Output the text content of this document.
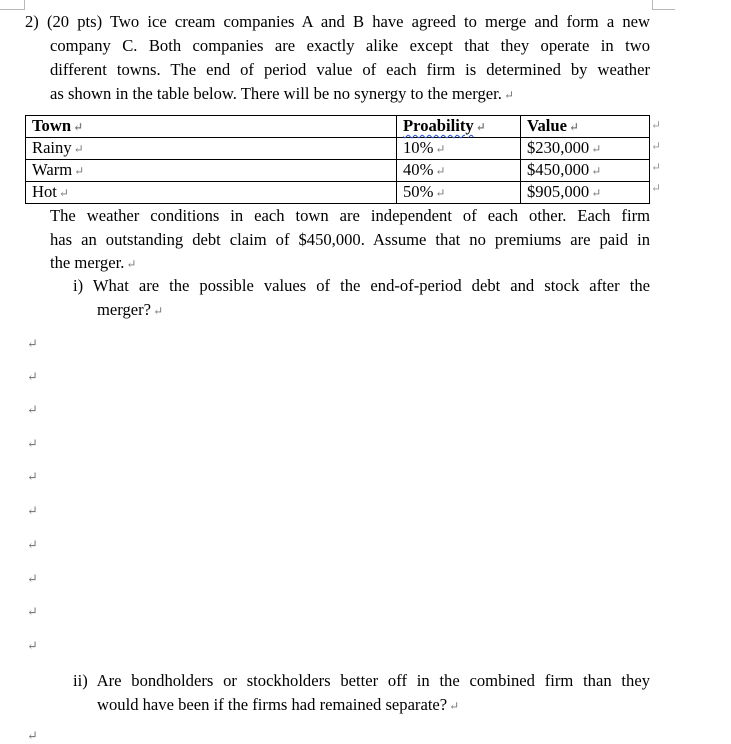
2) (20 pts) Two ice cream companies A and B have agreed to merge and form a new
company C. Both companies are exactly alike except that they operate in two
different towns. The end of period value of each firm is determined by weather
as shown in the table below. There will be no synergy to the merger. ↵
Town ↵	Proability ↵	Value ↵
Rainy ↵	10% ↵	$230,000 ↵
Warm ↵	40% ↵	$450,000 ↵
Hot ↵	50% ↵	$905,000 ↵
↵
↵
↵
↵
The weather conditions in each town are independent of each other. Each firm
has an outstanding debt claim of $450,000. Assume that no premiums are paid in
the merger. ↵
i) What are the possible values of the end-of-period debt and stock after the
merger? ↵
↵
↵
↵
↵
↵
↵
↵
↵
↵
↵
ii) Are bondholders or stockholders better off in the combined firm than they
would have been if the firms had remained separate? ↵
↵
